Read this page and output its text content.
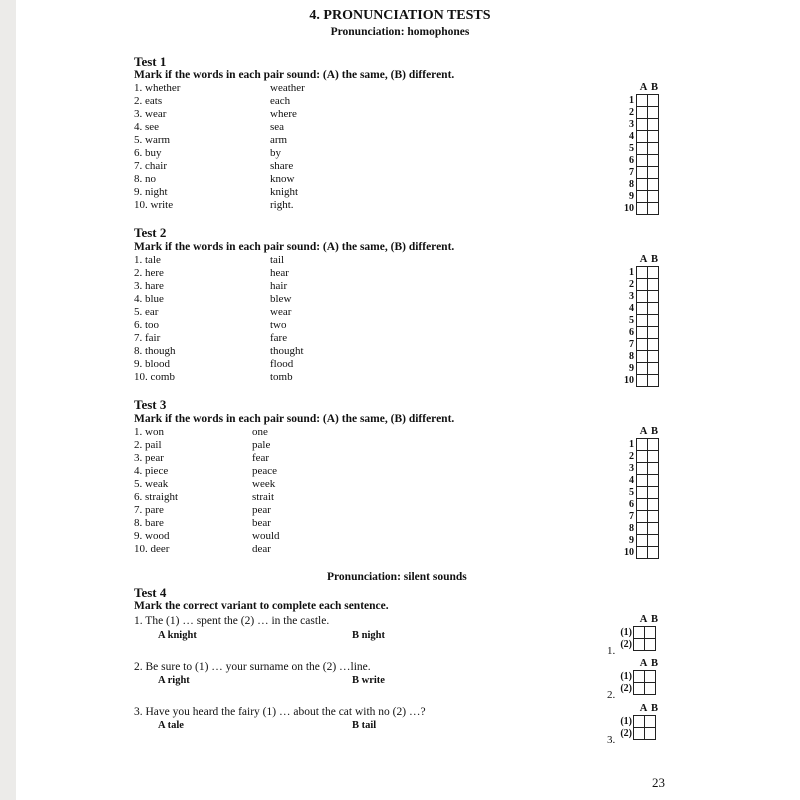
4. PRONUNCIATION TESTS
Pronunciation: homophones
Test 1
Mark if the words in each pair sound: (A) the same, (B) different.
1. whether	weather
2. eats	each
3. wear	where
4. see	sea
5. warm	arm
6. buy	by
7. chair	share
8. no	know
9. night	knight
10. write	right.
A B
1		
2		
3		
4		
5		
6		
7		
8		
9		
10		
Test 2
Mark if the words in each pair sound: (A) the same, (B) different.
1. tale	tail
2. here	hear
3. hare	hair
4. blue	blew
5. ear	wear
6. too	two
7. fair	fare
8. though	thought
9. blood	flood
10. comb	tomb
A B
1		
2		
3		
4		
5		
6		
7		
8		
9		
10		
Test 3
Mark if the words in each pair sound: (A) the same, (B) different.
1. won	one
2. pail	pale
3. pear	fear
4. piece	peace
5. weak	week
6. straight	strait
7. pare	pear
8. bare	bear
9. wood	would
10. deer	dear
A B
1		
2		
3		
4		
5		
6		
7		
8		
9		
10		
Pronunciation: silent sounds
Test 4
Mark the correct variant to complete each sentence.
1. The (1) … spent the (2) … in the castle.
A knight	B night
A B
(1)		
(2)		
1.
2. Be sure to (1) … your surname on the (2) …line.
A right	B write
A B
(1)		
(2)		
2.
3. Have you heard the fairy (1) … about the cat with no (2) …?
A tale	B tail
A B
(1)		
(2)		
3.
23
